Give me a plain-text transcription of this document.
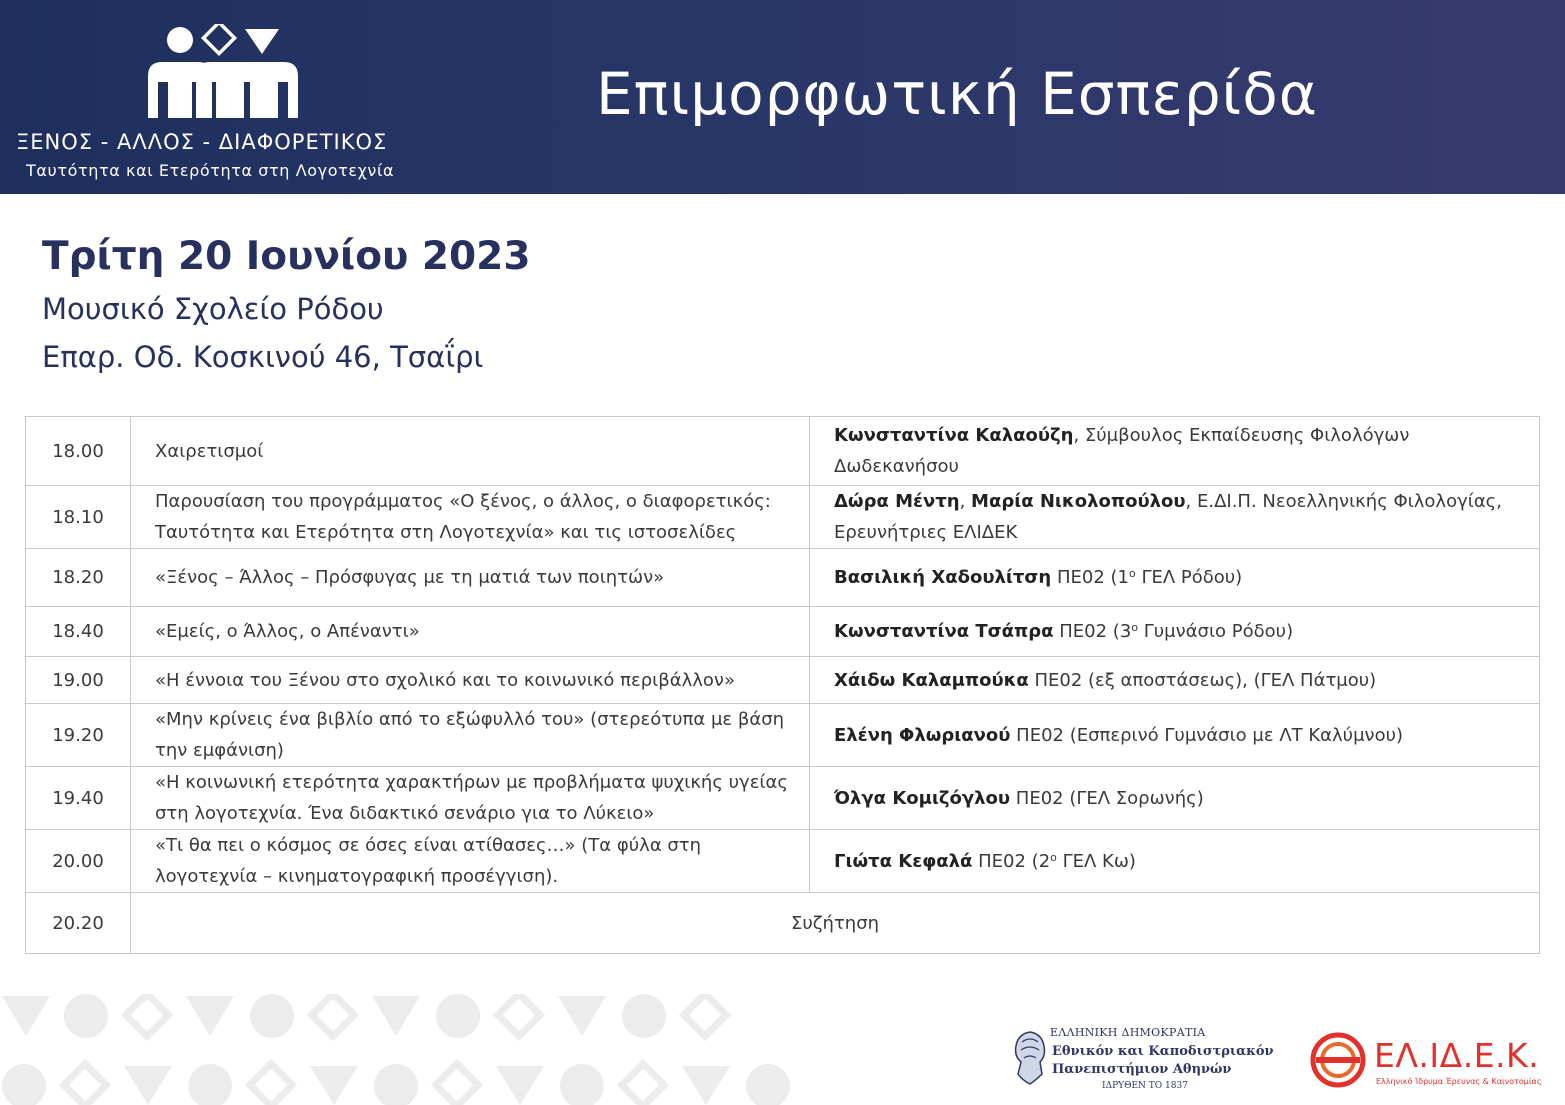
ΞΕΝΟΣ - ΑΛΛΟΣ - ΔΙΑΦΟΡΕΤΙΚΟΣ
Ταυτότητα και Ετερότητα στη Λογοτεχνία
Επιμορφωτική Εσπερίδα
Τρίτη 20 Ιουνίου 2023
Μουσικό Σχολείο Ρόδου
Επαρ. Οδ. Κοσκινού 46, Τσαΐρι
18.00	Χαιρετισμοί	Κωνσταντίνα Καλαούζη, Σύμβουλος Εκπαίδευσης Φιλολόγων Δωδεκανήσου
18.10	Παρουσίαση του προγράμματος «Ο ξένος, ο άλλος, ο διαφορετικός: Ταυτότητα και Ετερότητα στη Λογοτεχνία» και τις ιστοσελίδες	Δώρα Μέντη, Μαρία Νικολοπούλου, Ε.ΔΙ.Π. Νεοελληνικής Φιλολογίας, Ερευνήτριες ΕΛΙΔΕΚ
18.20	«Ξένος – Άλλος – Πρόσφυγας με τη ματιά των ποιητών»	Βασιλική Χαδουλίτση ΠΕ02 ($1^o$ ΓΕΛ Ρόδου)
18.40	«Εμείς, ο Άλλος, ο Απέναντι»	Κωνσταντίνα Τσάπρα ΠΕ02 ($3^o$ Γυμνάσιο Ρόδου)
19.00	«Η έννοια του Ξένου στο σχολικό και το κοινωνικό περιβάλλον»	Χάιδω Καλαμπούκα ΠΕ02 (εξ αποστάσεως), (ΓΕΛ Πάτμου)
19.20	«Μην κρίνεις ένα βιβλίο από το εξώφυλλό του» (στερεότυπα με βάση την εμφάνιση)	Ελένη Φλωριανού ΠΕ02 (Εσπερινό Γυμνάσιο με ΛΤ Καλύμνου)
19.40	«Η κοινωνική ετερότητα χαρακτήρων με προβλήματα ψυχικής υγείας στη λογοτεχνία. Ένα διδακτικό σενάριο για το Λύκειο»	Όλγα Κομιζόγλου ΠΕ02 (ΓΕΛ Σορωνής)
20.00	«Τι θα πει ο κόσμος σε όσες είναι ατίθασες…» (Τα φύλα στη λογοτεχνία – κινηματογραφική προσέγγιση).	Γιώτα Κεφαλά ΠΕ02 ($2^o$ ΓΕΛ Κω)
20.20	Συζήτηση	
ΕΛΛΗΝΙΚΗ ΔΗΜΟΚΡΑΤΙΑ
Εθνικόν και Καποδιστριακόν
Πανεπιστήμιον Αθηνών
ΙΔΡΥΘΕΝ ΤΟ 1837
ΕΛ.ΙΔ.Ε.Κ.
Ελληνικό Ίδρυμα Έρευνας & Καινοτομίας
